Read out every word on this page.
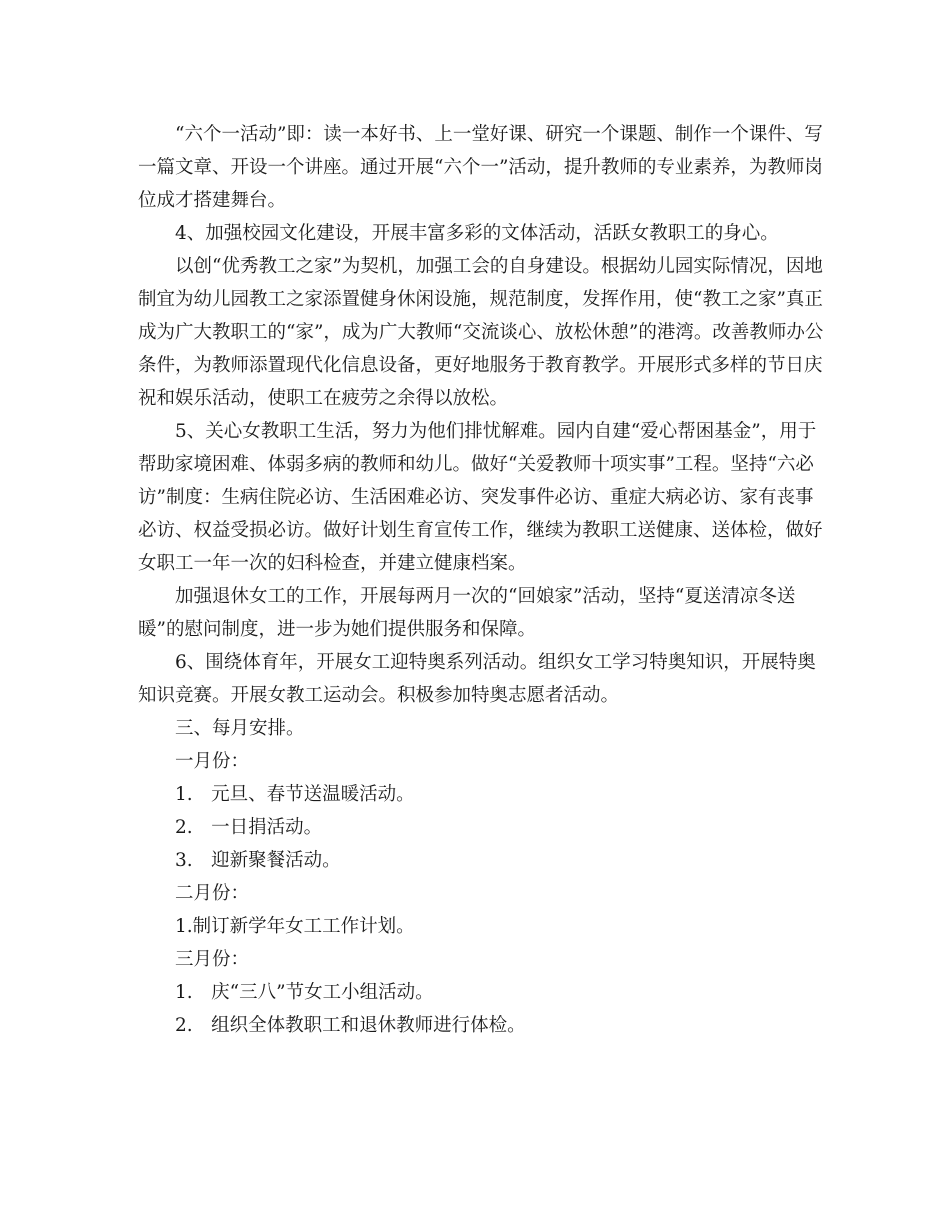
“六个一活动”即：读一本好书、上一堂好课、研究一个课题、制作一个课件、写一篇文章、开设一个讲座。通过开展“六个一”活动，提升教师的专业素养，为教师岗位成才搭建舞台。

4、加强校园文化建设，开展丰富多彩的文体活动，活跃女教职工的身心。

以创“优秀教工之家”为契机，加强工会的自身建设。根据幼儿园实际情况，因地制宜为幼儿园教工之家添置健身休闲设施，规范制度，发挥作用，使“教工之家”真正成为广大教职工的“家”，成为广大教师“交流谈心、放松休憩”的港湾。改善教师办公条件，为教师添置现代化信息设备，更好地服务于教育教学。开展形式多样的节日庆祝和娱乐活动，使职工在疲劳之余得以放松。

5、关心女教职工生活，努力为他们排忧解难。园内自建“爱心帮困基金”，用于帮助家境困难、体弱多病的教师和幼儿。做好“关爱教师十项实事”工程。坚持“六必访”制度：生病住院必访、生活困难必访、突发事件必访、重症大病必访、家有丧事必访、权益受损必访。做好计划生育宣传工作，继续为教职工送健康、送体检，做好女职工一年一次的妇科检查，并建立健康档案。

加强退休女工的工作，开展每两月一次的“回娘家”活动，坚持“夏送清凉冬送暖”的慰问制度，进一步为她们提供服务和保障。

6、围绕体育年，开展女工迎特奥系列活动。组织女工学习特奥知识，开展特奥知识竞赛。开展女教工运动会。积极参加特奥志愿者活动。

三、每月安排。

一月份：

1.　元旦、春节送温暖活动。

2.　一日捐活动。

3.　迎新聚餐活动。

二月份：

1.制订新学年女工工作计划。

三月份：

1.　庆“三八”节女工小组活动。

2.　组织全体教职工和退休教师进行体检。
